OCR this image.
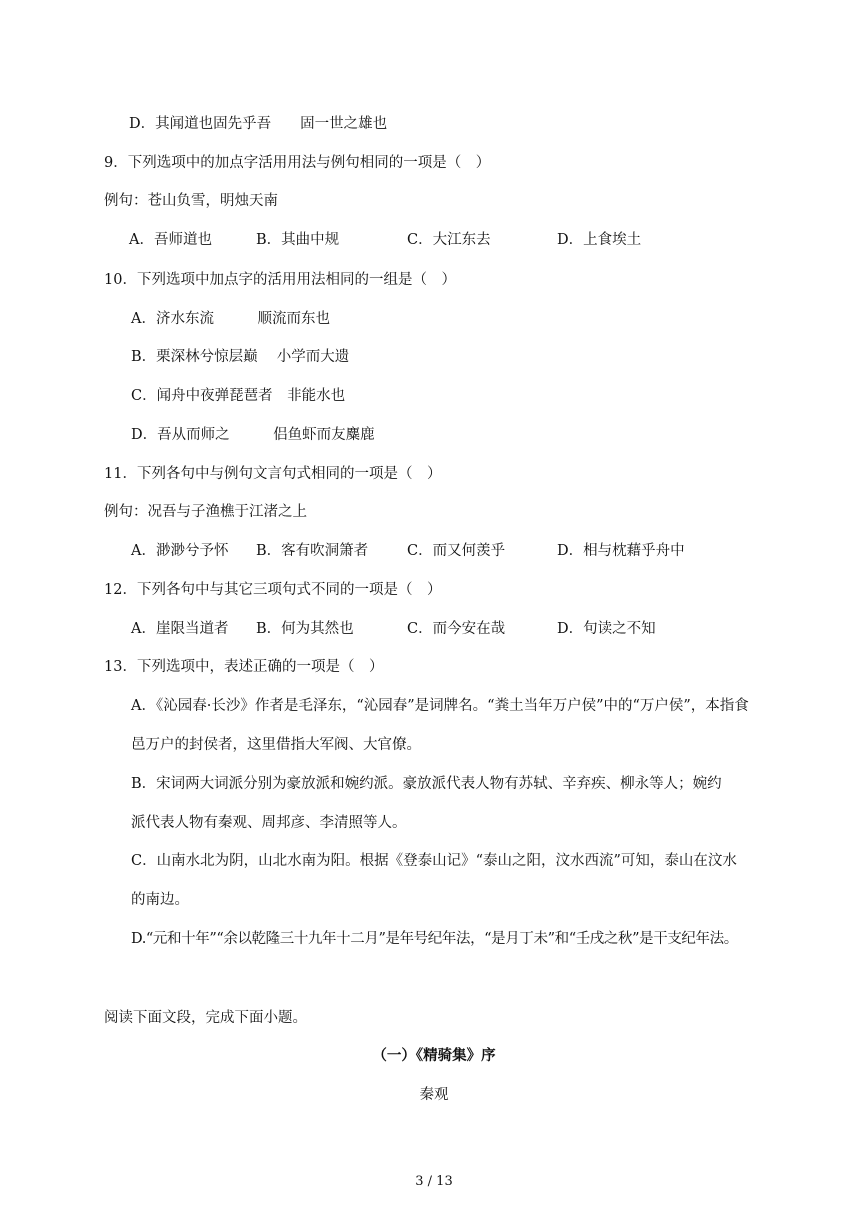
D．其闻道也固先乎吾　　固一世之雄也
9．下列选项中的加点字活用用法与例句相同的一项是（　）
例句：苍山负雪，明烛天南
A．吾师道也	B．其曲中规	C．大江东去	D．上食埃土
10．下列选项中加点字的活用用法相同的一组是（　）
A．济水东流　　　顺流而东也
B．栗深林兮惊层巅　 小学而大遗
C．闻舟中夜弹琵琶者　非能水也
D．吾从而师之　　　侣鱼虾而友麋鹿
11．下列各句中与例句文言句式相同的一项是（　）
例句：况吾与子渔樵于江渚之上
A．渺渺兮予怀 B．客有吹洞箫者	C．而又何羡乎	D．相与枕藉乎舟中
12．下列各句中与其它三项句式不同的一项是（　）
A．崖限当道者 B．何为其然也	C．而今安在哉	D．句读之不知
13．下列选项中，表述正确的一项是（　）
A．《沁园春·长沙》作者是毛泽东，“沁园春”是词牌名。“粪土当年万户侯”中的“万户侯”，本指食
邑万户的封侯者，这里借指大军阀、大官僚。
B．宋词两大词派分别为豪放派和婉约派。豪放派代表人物有苏轼、辛弃疾、柳永等人；婉约
派代表人物有秦观、周邦彦、李清照等人。
C．山南水北为阴，山北水南为阳。根据《登泰山记》“泰山之阳，汶水西流”可知，泰山在汶水
的南边。
D.“元和十年”“余以乾隆三十九年十二月”是年号纪年法，“是月丁未”和“壬戌之秋”是干支纪年法。
阅读下面文段，完成下面小题。
（一）《精骑集》序
秦观
3 / 13
